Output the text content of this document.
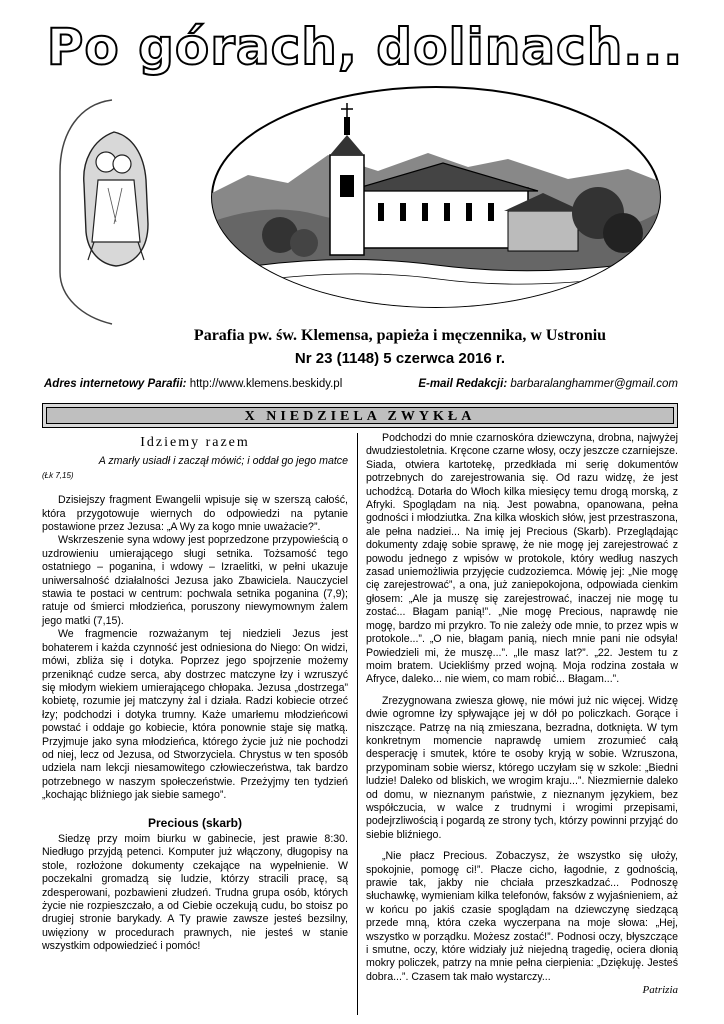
Po górach, dolinach...
Parafia pw. św. Klemensa, papieża i męczennika, w Ustroniu
Nr 23 (1148) 5 czerwca 2016 r.
Adres internetowy Parafii: http://www.klemens.beskidy.pl	E-mail Redakcji: barbaralanghammer@gmail.com
X NIEDZIELA ZWYKŁA
Idziemy razem

A zmarły usiadł i zaczął mówić; i oddał go jego matce

(Łk 7,15)

Dzisiejszy fragment Ewangelii wpisuje się w szerszą całość, która przygotowuje wiernych do odpowiedzi na pytanie postawione przez Jezusa: „A Wy za kogo mnie uważacie?”.

Wskrzeszenie syna wdowy jest poprzedzone przypowieścią o uzdrowieniu umierającego sługi setnika. Tożsamość tego ostatniego – poganina, i wdowy – Izraelitki, w pełni ukazuje uniwersalność działalności Jezusa jako Zbawiciela. Nauczyciel stawia te postaci w centrum: pochwala setnika poganina (7,9); ratuje od śmierci młodzieńca, poruszony niewymownym żalem jego matki (7,15).

We fragmencie rozważanym tej niedzieli Jezus jest bohaterem i każda czynność jest odniesiona do Niego: On widzi, mówi, zbliża się i dotyka. Poprzez jego spojrzenie możemy przeniknąć cudze serca, aby dostrzec matczyne łzy i wzruszyć się młodym wiekiem umierającego chłopaka. Jezusa „dostrzega” kobietę, rozumie jej matczyny żal i działa. Radzi kobiecie otrzeć łzy; podchodzi i dotyka trumny. Każe umarłemu młodzieńcowi powstać i oddaje go kobiecie, która ponownie staje się matką. Przyjmuje jako syna młodzieńca, którego życie już nie pochodzi od niej, lecz od Jezusa, od Stworzyciela. Chrystus w ten sposób udziela nam lekcji niesamowitego człowieczeństwa, tak bardzo potrzebnego w naszym społeczeństwie. Przeżyjmy ten tydzień „kochając bliźniego jak siebie samego”.

Precious (skarb)

Siedzę przy moim biurku w gabinecie, jest prawie 8:30. Niedługo przyjdą petenci. Komputer już włączony, długopisy na stole, rozłożone dokumenty czekające na wypełnienie. W poczekalni gromadzą się ludzie, którzy stracili pracę, są zdesperowani, pozbawieni złudzeń. Trudna grupa osób, których życie nie rozpieszczało, a od Ciebie oczekują cudu, bo stoisz po drugiej stronie barykady. A Ty prawie zawsze jesteś bezsilny, uwięziony w procedurach prawnych, nie jesteś w stanie wszystkim odpowiedzieć i pomóc!

Podchodzi do mnie czarnoskóra dziewczyna, drobna, najwyżej dwudziestoletnia. Kręcone czarne włosy, oczy jeszcze czarniejsze. Siada, otwiera kartotekę, przedkłada mi serię dokumentów potrzebnych do zarejestrowania się. Od razu widzę, że jest uchodźcą. Dotarła do Włoch kilka miesięcy temu drogą morską, z Afryki. Spoglądam na nią. Jest powabna, opanowana, pełna godności i młodziutka. Zna kilka włoskich słów, jest przestraszona, ale pełna nadziei... Na imię jej Precious (Skarb). Przeglądając dokumenty zdaję sobie sprawę, że nie mogę jej zarejestrować z powodu jednego z wpisów w protokole, który według naszych zasad uniemożliwia przyjęcie cudzoziemca. Mówię jej: „Nie mogę cię zarejestrować”, a ona, już zaniepokojona, odpowiada cienkim głosem: „Ale ja muszę się zarejestrować, inaczej nie mogę tu zostać... Błagam panią!”. „Nie mogę Precious, naprawdę nie mogę, bardzo mi przykro. To nie zależy ode mnie, to przez wpis w protokole...”. „O nie, błagam panią, niech mnie pani nie odsyła! Powiedzieli mi, że muszę...”. „Ile masz lat?”. „22. Jestem tu z moim bratem. Uciekliśmy przed wojną. Moja rodzina została w Afryce, daleko... nie wiem, co mam robić... Błagam...”.

Zrezygnowana zwiesza głowę, nie mówi już nic więcej. Widzę dwie ogromne łzy spływające jej w dół po policzkach. Gorące i niszczące. Patrzę na nią zmieszana, bezradna, dotknięta. W tym konkretnym momencie naprawdę umiem zrozumieć całą desperację i smutek, które te osoby kryją w sobie. Wzruszona, przypominam sobie wiersz, którego uczyłam się w szkole: „Biedni ludzie! Daleko od bliskich, we wrogim kraju...”. Niezmiernie daleko od domu, w nieznanym państwie, z nieznanym językiem, bez współczucia, w walce z trudnymi i wrogimi przepisami, podejrzliwością i pogardą ze strony tych, którzy powinni przyjąć do siebie bliźniego.

„Nie płacz Precious. Zobaczysz, że wszystko się ułoży, spokojnie, pomogę ci!”. Płacze cicho, łagodnie, z godnością, prawie tak, jakby nie chciała przeszkadzać... Podnoszę słuchawkę, wymieniam kilka telefonów, faksów z wyjaśnieniem, aż w końcu po jakiś czasie spoglądam na dziewczynę siedzącą przede mną, która czeka wyczerpana na moje słowa: „Hej, wszystko w porządku. Możesz zostać!”. Podnosi oczy, błyszczące i smutne, oczy, które widziały już niejedną tragedię, ociera dłonią mokry policzek, patrzy na mnie pełna cierpienia: „Dziękuję. Jesteś dobra...”. Czasem tak mało wystarczy...

Patrizia
